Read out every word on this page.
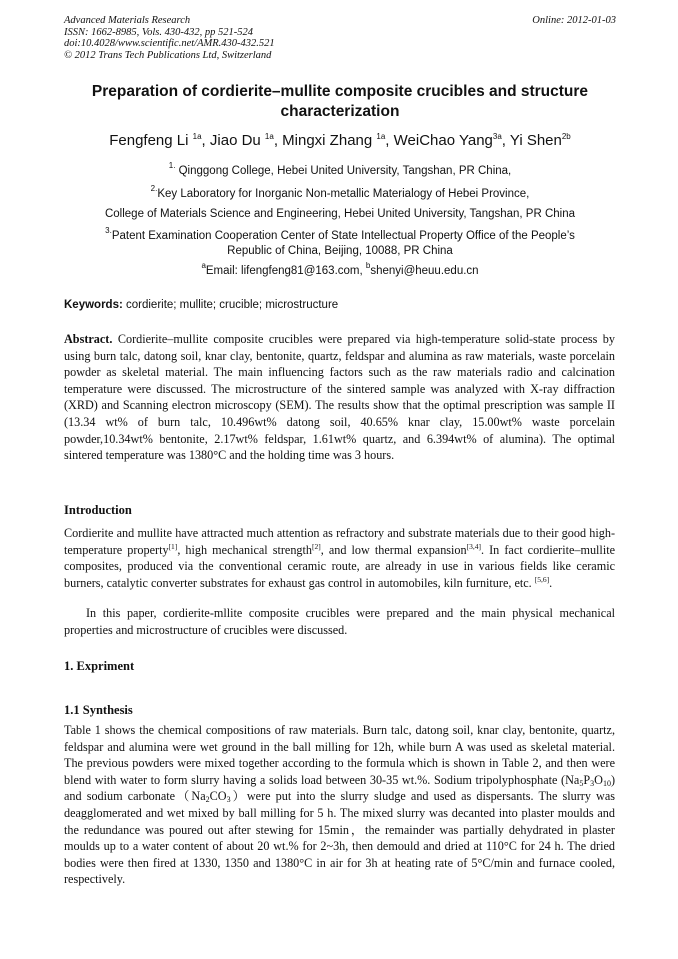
Advanced Materials Research
ISSN: 1662-8985, Vols. 430-432, pp 521-524
doi:10.4028/www.scientific.net/AMR.430-432.521
© 2012 Trans Tech Publications Ltd, Switzerland
Online: 2012-01-03
Preparation of cordierite–mullite composite crucibles and structure
characterization
Fengfeng Li $^{1a}$, Jiao Du $^{1a}$, Mingxi Zhang $^{1a}$, WeiChao Yang$^{3a}$, Yi Shen$^{2b}$
$^{1.}$ Qinggong College, Hebei United University, Tangshan, PR China,
$^{2.}$Key Laboratory for Inorganic Non-metallic Materialogy of Hebei Province,
College of Materials Science and Engineering, Hebei United University, Tangshan, PR China
$^{3.}$Patent Examination Cooperation Center of State Intellectual Property Office of the People’s
Republic of China, Beijing, 10088, PR China
$^a$Email: lifengfeng81@163.com, $^b$shenyi@heuu.edu.cn
Keywords: cordierite; mullite; crucible; microstructure
Abstract. Cordierite–mullite composite crucibles were prepared via high-temperature solid-state process by using burn talc, datong soil, knar clay, bentonite, quartz, feldspar and alumina as raw materials, waste porcelain powder as skeletal material. The main influencing factors such as the raw materials radio and calcination temperature were discussed. The microstructure of the sintered sample was analyzed with X-ray diffraction (XRD) and Scanning electron microscopy (SEM). The results show that the optimal prescription was sample II (13.34 wt% of burn talc, 10.496wt% datong soil, 40.65% knar clay, 15.00wt% waste porcelain powder,10.34wt% bentonite, 2.17wt% feldspar, 1.61wt% quartz, and 6.394wt% of alumina). The optimal sintered temperature was 1380°C and the holding time was 3 hours.
Introduction
Cordierite and mullite have attracted much attention as refractory and substrate materials due to their good high-temperature property[1], high mechanical strength[2], and low thermal expansion[3,4]. In fact cordierite–mullite composites, produced via the conventional ceramic route, are already in use in various fields like ceramic burners, catalytic converter substrates for exhaust gas control in automobiles, kiln furniture, etc. [5,6].
In this paper, cordierite-mllite composite crucibles were prepared and the main physical mechanical properties and microstructure of crucibles were discussed.
1. Expriment
1.1 Synthesis
Table 1 shows the chemical compositions of raw materials. Burn talc, datong soil, knar clay, bentonite, quartz, feldspar and alumina were wet ground in the ball milling for 12h, while burn A was used as skeletal material. The previous powders were mixed together according to the formula which is shown in Table 2, and then were blend with water to form slurry having a solids load between 30-35 wt.%. Sodium tripolyphosphate $(Na_5P_3O_{10})$ and sodium $carbonate(Na_2CO_3)were$ put into the slurry sludge and used as dispersants. The slurry was deagglomerated and wet mixed by ball milling for 5 h. The mixed slurry was decanted into plaster moulds and the redundance was poured out after stewing for 15min，the remainder was partially dehydrated in plaster moulds up to a water content of about 20 wt.% for 2~3h, then demould and dried at 110°C for 24 h. The dried bodies were then fired at 1330, 1350 and 1380°C in air for 3h at heating rate of 5°C/min and furnace cooled, respectively.
